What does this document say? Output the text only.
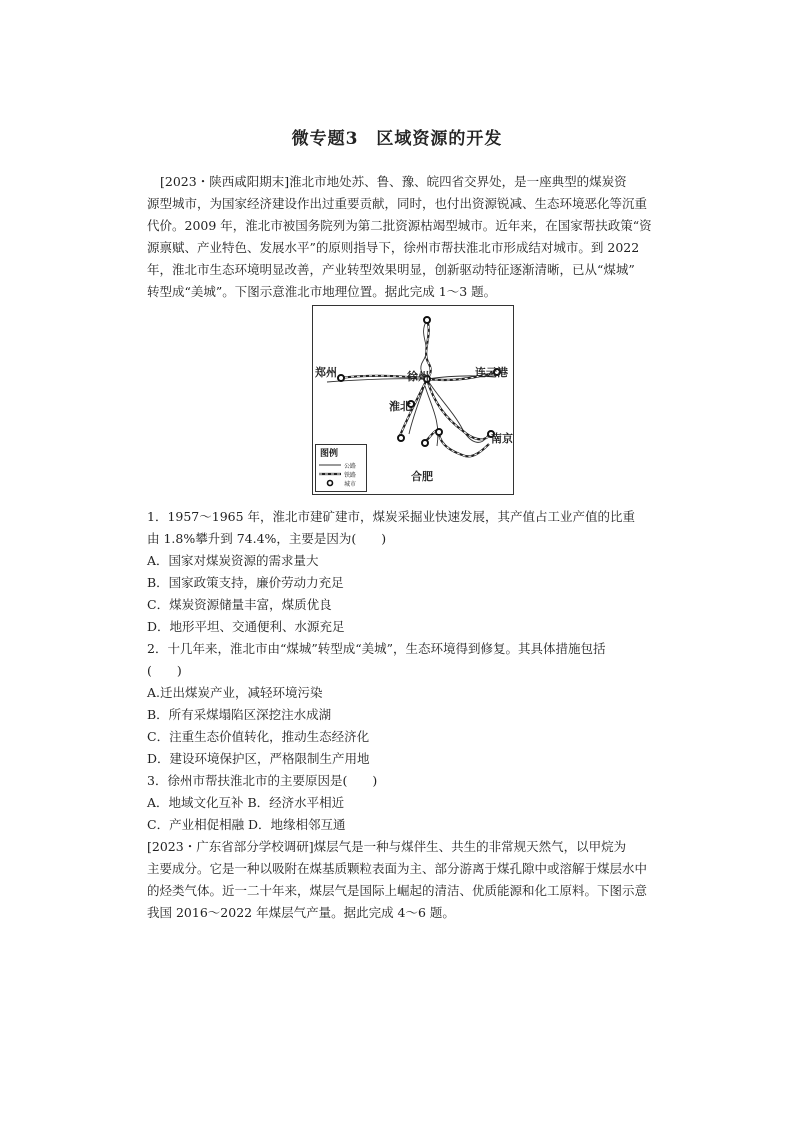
微专题3　区域资源的开发
[2023・陕西咸阳期末]淮北市地处苏、鲁、豫、皖四省交界处，是一座典型的煤炭资
源型城市，为国家经济建设作出过重要贡献，同时，也付出资源锐减、生态环境恶化等沉重
代价。2009 年，淮北市被国务院列为第二批资源枯竭型城市。近年来，在国家帮扶政策“资
源禀赋、产业特色、发展水平”的原则指导下，徐州市帮扶淮北市形成结对城市。到 2022
年，淮北市生态环境明显改善，产业转型效果明显，创新驱动特征逐渐清晰，已从“煤城”
转型成“美城”。下图示意淮北市地理位置。据此完成 1～3 题。
郑州	徐州	连云港
淮北
合肥
南京
图例
公路
铁路
城市
1．1957～1965 年，淮北市建矿建市，煤炭采掘业快速发展，其产值占工业产值的比重
由 1.8%攀升到 74.4%，主要是因为(　　)
A．国家对煤炭资源的需求量大
B．国家政策支持，廉价劳动力充足
C．煤炭资源储量丰富，煤质优良
D．地形平坦、交通便利、水源充足
2．十几年来，淮北市由“煤城”转型成“美城”，生态环境得到修复。其具体措施包括
(　　)
A.迁出煤炭产业，减轻环境污染
B．所有采煤塌陷区深挖注水成湖
C．注重生态价值转化，推动生态经济化
D．建设环境保护区，严格限制生产用地
3．徐州市帮扶淮北市的主要原因是(　　)
A．地域文化互补 B．经济水平相近
C．产业相促相融 D．地缘相邻互通
[2023・广东省部分学校调研]煤层气是一种与煤伴生、共生的非常规天然气，以甲烷为
主要成分。它是一种以吸附在煤基质颗粒表面为主、部分游离于煤孔隙中或溶解于煤层水中
的烃类气体。近一二十年来，煤层气是国际上崛起的清洁、优质能源和化工原料。下图示意
我国 2016～2022 年煤层气产量。据此完成 4～6 题。
